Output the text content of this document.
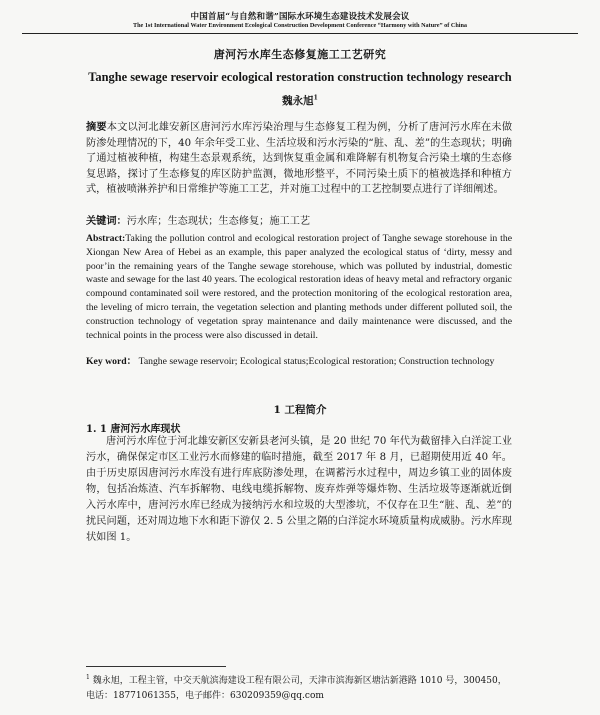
中国首届“与自然和谐”国际水环境生态建设技术发展会议
The 1st International Water Environment Ecological Construction Development Conference “Harmony with Nature” of China
唐河污水库生态修复施工工艺研究
Tanghe sewage reservoir ecological restoration construction technology research
魏永旭$^1$
摘要本文以河北雄安新区唐河污水库污染治理与生态修复工程为例，分析了唐河污水库在未做防渗处理情况的下，40 年余年受工业、生活垃圾和污水污染的“脏、乱、差”的生态现状；明确了通过植被种植，构建生态景观系统，达到恢复重金属和难降解有机物复合污染土壤的生态修复思路，探讨了生态修复的库区防护监测，微地形整平，不同污染土质下的植被选择和种植方式，植被喷淋养护和日常维护等施工工艺，并对施工过程中的工艺控制要点进行了详细阐述。
关键词：污水库；生态现状；生态修复；施工工艺
Abstract:Taking the pollution control and ecological restoration project of Tanghe sewage storehouse in the Xiongan New Area of Hebei as an example, this paper analyzed the ecological status of ‘dirty, messy and poor’in the remaining years of the Tanghe sewage storehouse, which was polluted by industrial, domestic waste and sewage for the last 40 years. The ecological restoration ideas of heavy metal and refractory organic compound contaminated soil were restored, and the protection monitoring of the ecological restoration area, the leveling of micro terrain, the vegetation selection and planting methods under different polluted soil, the construction technology of vegetation spray maintenance and daily maintenance were discussed, and the technical points in the process were also discussed in detail.
Key word： Tanghe sewage reservoir; Ecological status;Ecological restoration; Construction technology
1 工程简介
1. 1 唐河污水库现状
唐河污水库位于河北雄安新区安新县老河头镇，是 20 世纪 70 年代为截留排入白洋淀工业污水，确保保定市区工业污水而修建的临时措施，截至 2017 年 8 月，已超期使用近 40 年。由于历史原因唐河污水库没有进行库底防渗处理，在调蓄污水过程中，周边乡镇工业的固体废物，包括冶炼渣、汽车拆解物、电线电缆拆解物、废弃炸弹等爆炸物、生活垃圾等逐渐就近倒入污水库中，唐河污水库已经成为接纳污水和垃圾的大型渗坑，不仅存在卫生“脏、乱、差”的扰民问题，还对周边地下水和距下游仅 2. 5 公里之隔的白洋淀水环境质量构成威胁。污水库现状如图 1。
$^1$ 魏永旭，工程主管，中交天航滨海建设工程有限公司，天津市滨海新区塘沽新港路 1010 号，300450，电话：18771061355，电子邮件：630209359@qq.com
